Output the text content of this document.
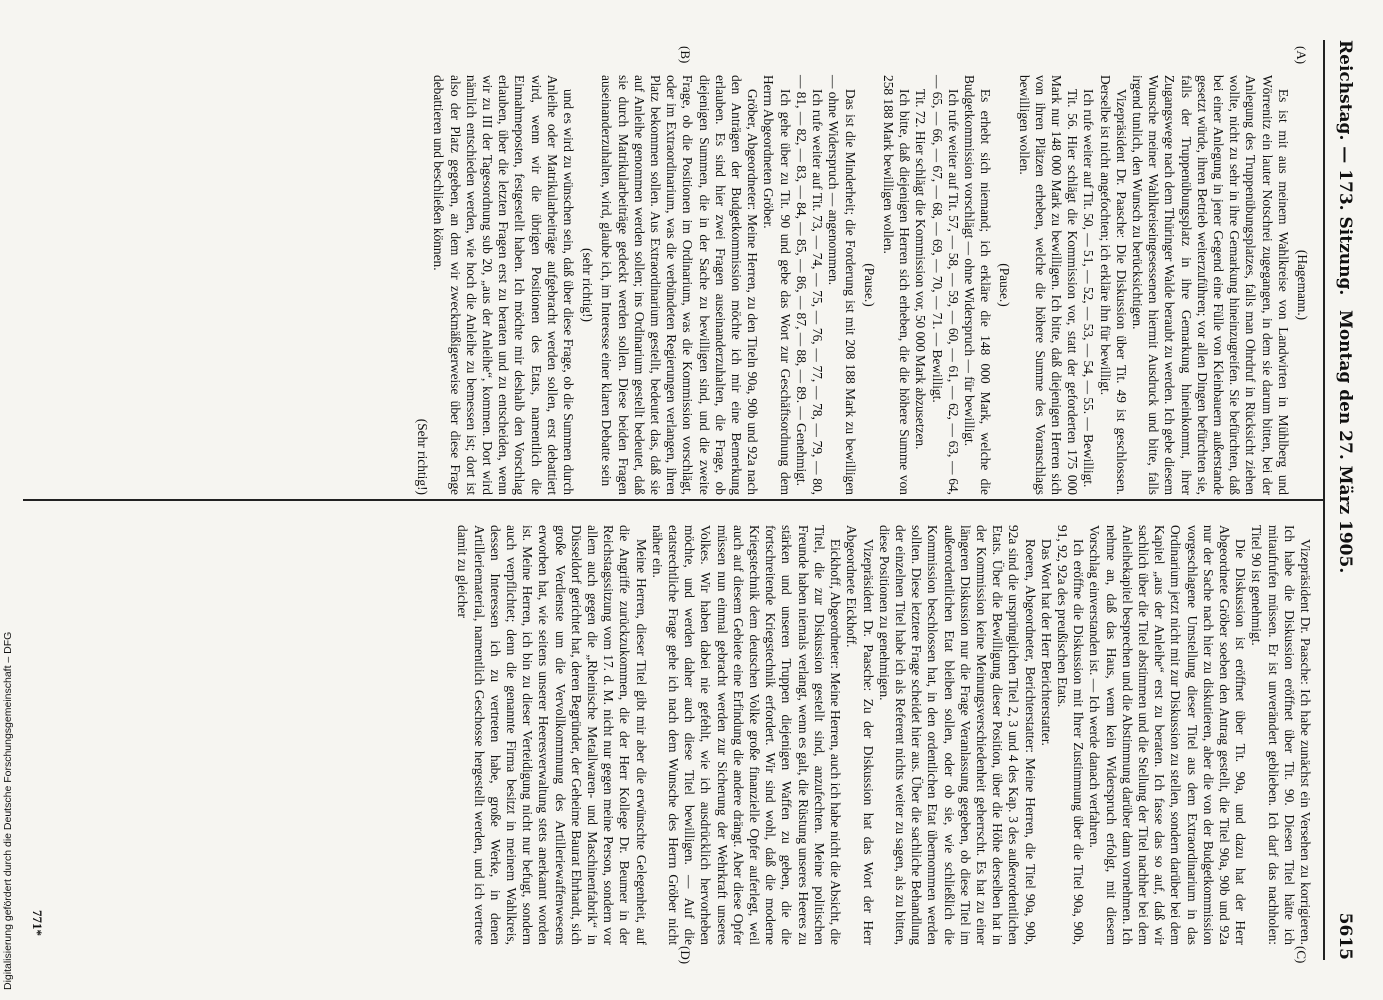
Reichstag. — 173. Sitzung.
Montag den 27. März 1905.
5615
(A)
(B)
(C)
(D)

(Hagemann.)

Es ist mit aus meinem Wahlkreise von Landwirten in Mühlberg und Wörrenitz ein lauter Notschrei zugegangen, in dem sie darum bitten, bei der Anlegung des Truppenübungsplatzes, falls man Ohrdruf in Rücksicht ziehen wollte, nicht zu sehr in ihre Gemarkung hineinzugreifen. Sie befürchten, daß bei einer Anlegung in jener Gegend eine Fülle von Kleinbauern außerstande gesetzt würde, ihren Betrieb weiterzuführen; vor allen Dingen befürchten sie, falls der Truppenübungsplatz in ihre Gemarkung hineinkommt, ihrer Zugangswege nach dem Thüringer Walde beraubt zu werden. Ich gebe diesem Wunsche meiner Wahlkreiseingesessenen hiermit Ausdruck und bitte, falls irgend tunlich, den Wunsch zu berücksichtigen.

Vizepräsident Dr. Paasche: Die Diskussion über Tit. 49 ist geschlossen. Derselbe ist nicht angefochten; ich erkläre ihn für bewilligt.

Ich rufe weiter auf Tit. 50, — 51, — 52, — 53, — 54, — 55. — Bewilligt.

Tit. 56. Hier schlägt die Kommission vor, statt der geforderten 175 000 Mark nur 148 000 Mark zu bewilligen. Ich bitte, daß diejenigen Herren sich von ihren Plätzen erheben, welche die höhere Summe des Voranschlags bewilligen wollen.

(Pause.)

Es erhebt sich niemand; ich erkläre die 148 000 Mark, welche die Budgetkommission vorschlägt — ohne Widerspruch — für bewilligt.

Ich rufe weiter auf Tit. 57, — 58, — 59, — 60, — 61, — 62, — 63, — 64, — 65, — 66, — 67, — 68, — 69, — 70, — 71. — Bewilligt.

Tit. 72. Hier schlägt die Kommission vor, 50 000 Mark abzusetzen.

Ich bitte, daß diejenigen Herren sich erheben, die die höhere Summe von 258 188 Mark bewilligen wollen.

(Pause.)

Das ist die Minderheit; die Forderung ist mit 208 188 Mark zu bewilligen — ohne Widerspruch — angenommen.

Ich rufe weiter auf Tit. 73, — 74, — 75, — 76, — 77, — 78, — 79, — 80, — 81, — 82, — 83, — 84, — 85, — 86, — 87, — 88, — 89. — Genehmigt.

Ich gehe über zu Tit. 90 und gebe das Wort zur Geschäftsordnung dem Herrn Abgeordneten Gröber.

Gröber, Abgeordneter: Meine Herren, zu den Titeln 90a, 90b und 92a nach den Anträgen der Budgetkommission möchte ich mir eine Bemerkung erlauben. Es sind hier zwei Fragen auseinanderzuhalten, die Frage, ob diejenigen Summen, die in der Sache zu bewilligen sind, und die zweite Frage, ob die Positionen im Ordinarium, was die Kommission vorschlägt, oder im Extraordinarium, was die verbündeten Regierungen verlangen, ihren Platz bekommen sollen. Aus Extraordinarium gestellt, bedeutet das, daß sie auf Anleihe genommen werden sollen; ins Ordinarium gestellt bedeutet, daß sie durch Matrikularbeiträge gedeckt werden sollen. Diese beiden Fragen auseinanderzuhalten, wird, glaube ich, im Interesse einer klaren Debatte sein

(sehr richtig!)

und es wird zu wünschen sein, daß über diese Frage, ob die Summen durch Anleihe oder Matrikularbeiträge aufgebracht werden sollen, erst debattiert wird, wenn wir die übrigen Positionen des Etats, namentlich die Einnahmeposten, festgestellt haben. Ich möchte mir deshalb den Vorschlag erlauben, über die letzten Fragen erst zu beraten und zu entscheiden, wenn wir zu III der Tagesordnung sub 20, „aus der Anleihe“, kommen. Dort wird nämlich entschieden werden, wie hoch die Anleihe zu bemessen ist; dort ist also der Platz gegeben, an dem wir zweckmäßigerweise über diese Frage debattieren und beschließen können.

(Sehr richtig!)

Vizepräsident Dr. Paasche: Ich habe zunächst ein Versehen zu korrigieren. Ich habe die Diskussion eröffnet über Tit. 90. Diesen Titel hätte ich mitaufrufen müssen. Er ist unverändert geblieben. Ich darf das nachholen: Titel 90 ist genehmigt.

Die Diskussion ist eröffnet über Tit. 90a, und dazu hat der Herr Abgeordnete Gröber soeben den Antrag gestellt, die Titel 90a, 90b und 92a nur der Sache nach hier zu diskutieren, aber die von der Budgetkommission vorgeschlagene Umstellung dieser Titel aus dem Extraordinarium in das Ordinarium jetzt nicht mit zur Diskussion zu stellen, sondern darüber bei dem Kapitel „aus der Anleihe“ erst zu beraten. Ich fasse das so auf, daß wir sachlich über die Titel abstimmen und die Stellung der Titel nachher bei dem Anleihekapitel besprechen und die Abstimmung darüber dann vornehmen. Ich nehme an, daß das Haus, wenn kein Widerspruch erfolgt, mit diesem Vorschlag einverstanden ist. — Ich werde danach verfahren.

Ich eröffne die Diskussion mit Ihrer Zustimmung über die Titel 90a, 90b, 91, 92, 92a des preußischen Etats.

Das Wort hat der Herr Berichterstatter.

Roeren, Abgeordneter, Berichterstatter: Meine Herren, die Titel 90a, 90b, 92a sind die ursprünglichen Titel 2, 3 und 4 des Kap. 3 des außerordentlichen Etats. Über die Bewilligung dieser Position, über die Höhe derselben hat in der Kommission keine Meinungsverschiedenheit geherrscht. Es hat zu einer längeren Diskussion nur die Frage Veranlassung gegeben, ob diese Titel im außerordentlichen Etat bleiben sollen, oder ob sie, wie schließlich die Kommission beschlossen hat, in den ordentlichen Etat übernommen werden sollten. Diese letztere Frage scheidet hier aus. Über die sachliche Behandlung der einzelnen Titel habe ich als Referent nichts weiter zu sagen, als zu bitten, diese Positionen zu genehmigen.

Vizepräsident Dr. Paasche: Zu der Diskussion hat das Wort der Herr Abgeordnete Eickhoff.

Eickhoff, Abgeordneter: Meine Herren, auch ich habe nicht die Absicht, die Titel, die zur Diskussion gestellt sind, anzufechten. Meine politischen Freunde haben niemals verlangt, wenn es galt, die Rüstung unseres Heeres zu stärken und unseren Truppen diejenigen Waffen zu geben, die die fortschreitende Kriegstechnik erfordert. Wir sind wohl, daß die moderne Kriegstechnik dem deutschen Volke große finanzielle Opfer auferlegt, weil auch auf diesem Gebiete eine Erfindung die andere drängt. Aber diese Opfer müssen nun einmal gebracht werden zur Sicherung der Wehrkraft unseres Volkes. Wir haben dabei nie gefehlt, wie ich ausdrücklich hervorheben möchte, und werden daher auch diese Titel bewilligen. — Auf die etatsrechtliche Frage gehe ich nach dem Wunsche des Herrn Gröber nicht näher ein.

Meine Herren, dieser Titel gibt mir aber die erwünschte Gelegenheit, auf die Angriffe zurückzukommen, die der Herr Kollege Dr. Beumer in der Reichstagssitzung vom 17. d. M. nicht nur gegen meine Person, sondern vor allem auch gegen die „Rheinische Metallwaren- und Maschinenfabrik“ in Düsseldorf gerichtet hat, deren Begründer, der Geheime Baurat Ehrhardt, sich große Verdienste um die Vervollkommnung des Artilleriewaffenwesens erworben hat, wie seitens unserer Heeresverwaltung stets anerkannt worden ist. Meine Herren, ich bin zu dieser Verteidigung nicht nur befugt, sondern auch verpflichtet; denn die genannte Firma besitzt in meinem Wahlkreis, dessen Interessen ich zu vertreten habe, große Werke, in denen Artilleriematerial, namentlich Geschosse hergestellt werden, und ich vertrete damit zu gleicher

771*
Digitalisierung gefördert durch die Deutsche Forschungsgemeinschaft – DFG
